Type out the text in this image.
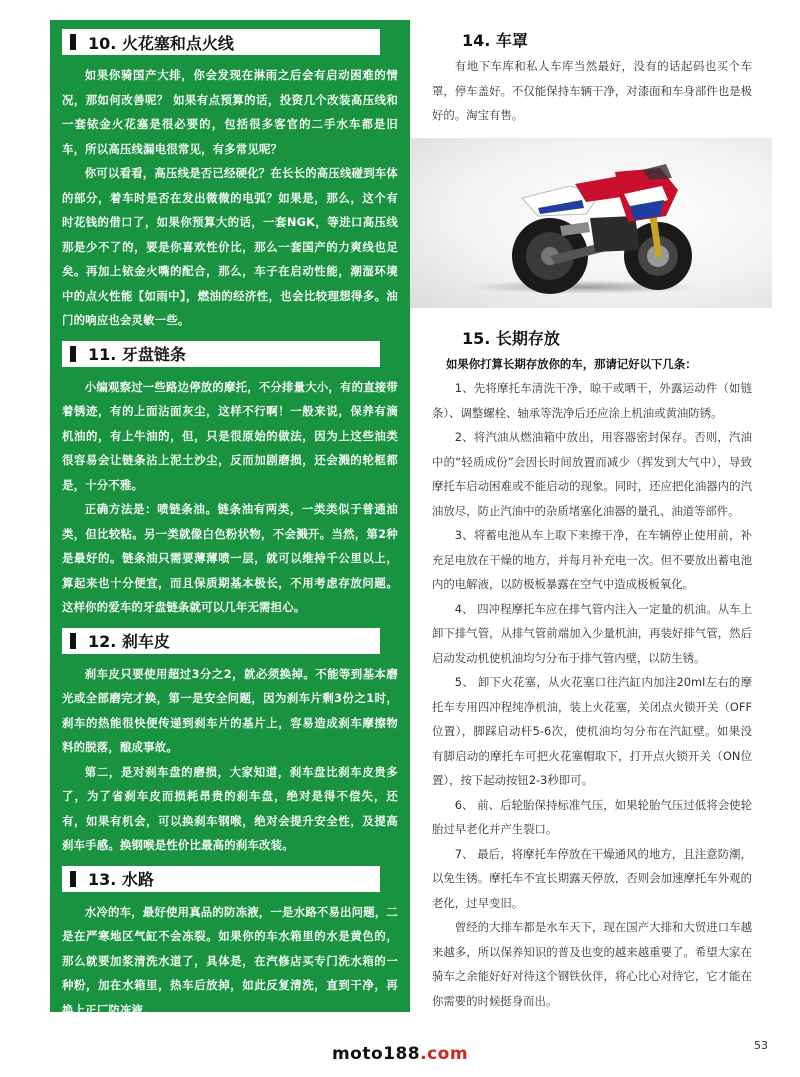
10. 火花塞和点火线

如果你骑国产大排，你会发现在淋雨之后会有启动困难的情况，那如何改善呢？ 如果有点预算的话，投资几个改装高压线和一套铱金火花塞是很必要的，包括很多客官的二手水车都是旧车，所以高压线漏电很常见，有多常见呢？

你可以看看，高压线是否已经硬化？在长长的高压线碰到车体的部分，着车时是否在发出微微的电弧？如果是，那么，这个有时花钱的借口了，如果你预算大的话，一套NGK，等进口高压线那是少不了的，要是你喜欢性价比，那么一套国产的力爽线也足矣。再加上铱金火嘴的配合，那么，车子在启动性能，潮湿环境中的点火性能【如雨中】，燃油的经济性，也会比较理想得多。油门的响应也会灵敏一些。

11. 牙盘链条

小编观察过一些路边停放的摩托，不分排量大小，有的直接带着锈迹，有的上面沾面灰尘，这样不行啊！一般来说，保养有滴机油的，有上牛油的，但，只是很原始的做法，因为上这些油类很容易会让链条沾上泥土沙尘，反而加剧磨损，还会溅的轮框都是，十分不雅。

正确方法是：喷链条油。链条油有两类，一类类似于普通油类，但比较粘。另一类就像白色粉状物，不会溅开。当然，第2种是最好的。链条油只需要薄薄喷一层，就可以维持千公里以上，算起来也十分便宜，而且保质期基本极长，不用考虑存放问题。这样你的爱车的牙盘链条就可以几年无需担心。

12. 刹车皮

刹车皮只要使用超过3分之2，就必须换掉。不能等到基本磨光或全部磨完才换，第一是安全问题，因为刹车片剩3份之1时，刹车的热能很快便传递到刹车片的基片上，容易造成刹车摩擦物料的脱落，酿成事故。

第二，是对刹车盘的磨损，大家知道，刹车盘比刹车皮贵多了，为了省刹车皮而损耗昂贵的刹车盘，绝对是得不偿失，还有，如果有机会，可以换刹车钢喉，绝对会提升安全性，及提高刹车手感。换钢喉是性价比最高的刹车改装。

13. 水路

水冷的车，最好使用真品的防冻液，一是水路不易出问题，二是在严寒地区气缸不会冻裂。如果你的车水箱里的水是黄色的，那么就要加浆清洗水道了，具体是，在汽修店买专门洗水箱的一种粉，加在水箱里，热车后放掉，如此反复清洗，直到干净，再换上正厂防冻液。

14. 车罩

有地下车库和私人车库当然最好，没有的话起码也买个车罩，停车盖好。不仅能保持车辆干净，对漆面和车身部件也是极好的。淘宝有售。

15. 长期存放

如果你打算长期存放你的车，那请记好以下几条：

1、先将摩托车清洗干净，晾干或晒干，外露运动件（如链条）、调整螺栓、轴承等洗净后还应涂上机油或黄油防锈。

2、将汽油从燃油箱中放出，用容器密封保存。否则，汽油中的“轻质成份”会因长时间放置而减少（挥发到大气中），导致摩托车启动困难或不能启动的现象。同时，还应把化油器内的汽油放尽，防止汽油中的杂质堵塞化油器的量孔、油道等部件。

3、将蓄电池从车上取下来擦干净，在车辆停止使用前，补充足电放在干燥的地方，并每月补充电一次。但不要放出蓄电池内的电解液，以防极板暴露在空气中造成极板氧化。

4、 四冲程摩托车应在排气管内注入一定量的机油。从车上卸下排气管，从排气管前端加入少量机油，再装好排气管，然后启动发动机使机油均匀分布于排气管内壁，以防生锈。

5、 卸下火花塞，从火花塞口往汽缸内加注20ml左右的摩托车专用四冲程纯净机油，装上火花塞，关闭点火锁开关（OFF位置），脚踩启动杆5-6次，使机油均匀分布在汽缸壁。如果没有脚启动的摩托车可把火花塞帽取下，打开点火锁开关（ON位置），按下起动按钮2-3秒即可。

6、 前、后轮胎保持标准气压，如果轮胎气压过低将会使轮胎过早老化并产生裂口。

7、 最后，将摩托车停放在干燥通风的地方，且注意防潮，以免生锈。摩托车不宜长期露天停放，否则会加速摩托车外观的老化，过早变旧。

曾经的大排车都是水车天下，现在国产大排和大贸进口车越来越多，所以保养知识的普及也变的越来越重要了。希望大家在骑车之余能好好对待这个钢铁伙伴，将心比心对待它，它才能在你需要的时候挺身而出。

53
moto188.com
